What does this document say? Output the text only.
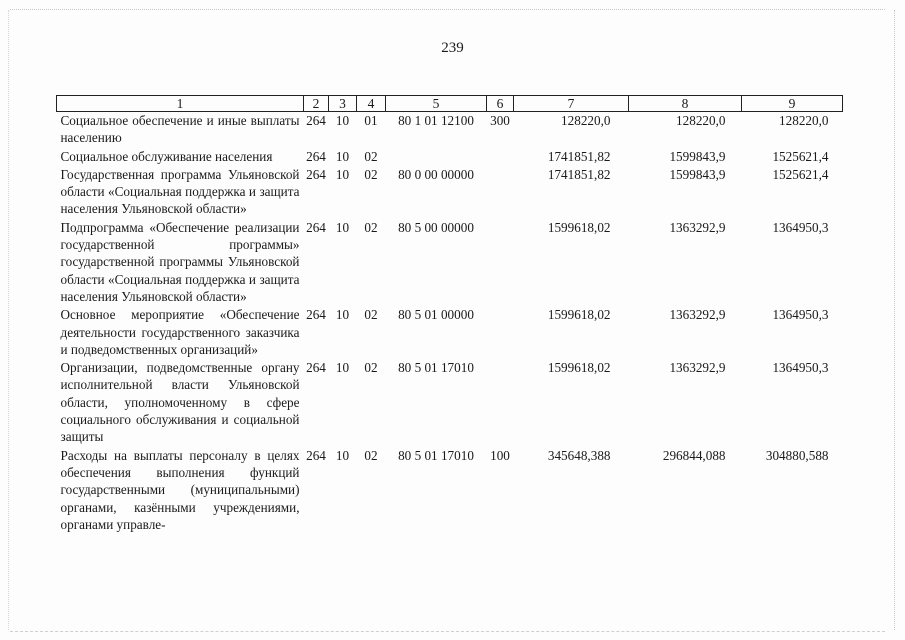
239
1	2	3	4	5	6	7	8	9
Социальное обеспечение и иные выплаты населению	264	10	01	80 1 01 12100	300	128220,0	128220,0	128220,0
Социальное обслуживание населения	264	10	02			1741851,82	1599843,9	1525621,4
Государственная программа Ульяновской области «Социальная поддержка и защита населения Ульяновской области»	264	10	02	80 0 00 00000		1741851,82	1599843,9	1525621,4
Подпрограмма «Обеспечение реализации государственной программы» государственной программы Ульяновской области «Социальная поддержка и защита населения Ульяновской области»	264	10	02	80 5 00 00000		1599618,02	1363292,9	1364950,3
Основное мероприятие «Обеспечение деятельности государственного заказчика и подведомственных организаций»	264	10	02	80 5 01 00000		1599618,02	1363292,9	1364950,3
Организации, подведомственные органу исполнительной власти Ульяновской области, уполномоченному в сфере социального обслуживания и социальной защиты	264	10	02	80 5 01 17010		1599618,02	1363292,9	1364950,3
Расходы на выплаты персоналу в целях обеспечения выполнения функций государственными (муниципальными) органами, казёнными учреждениями, органами управле-	264	10	02	80 5 01 17010	100	345648,388	296844,088	304880,588
